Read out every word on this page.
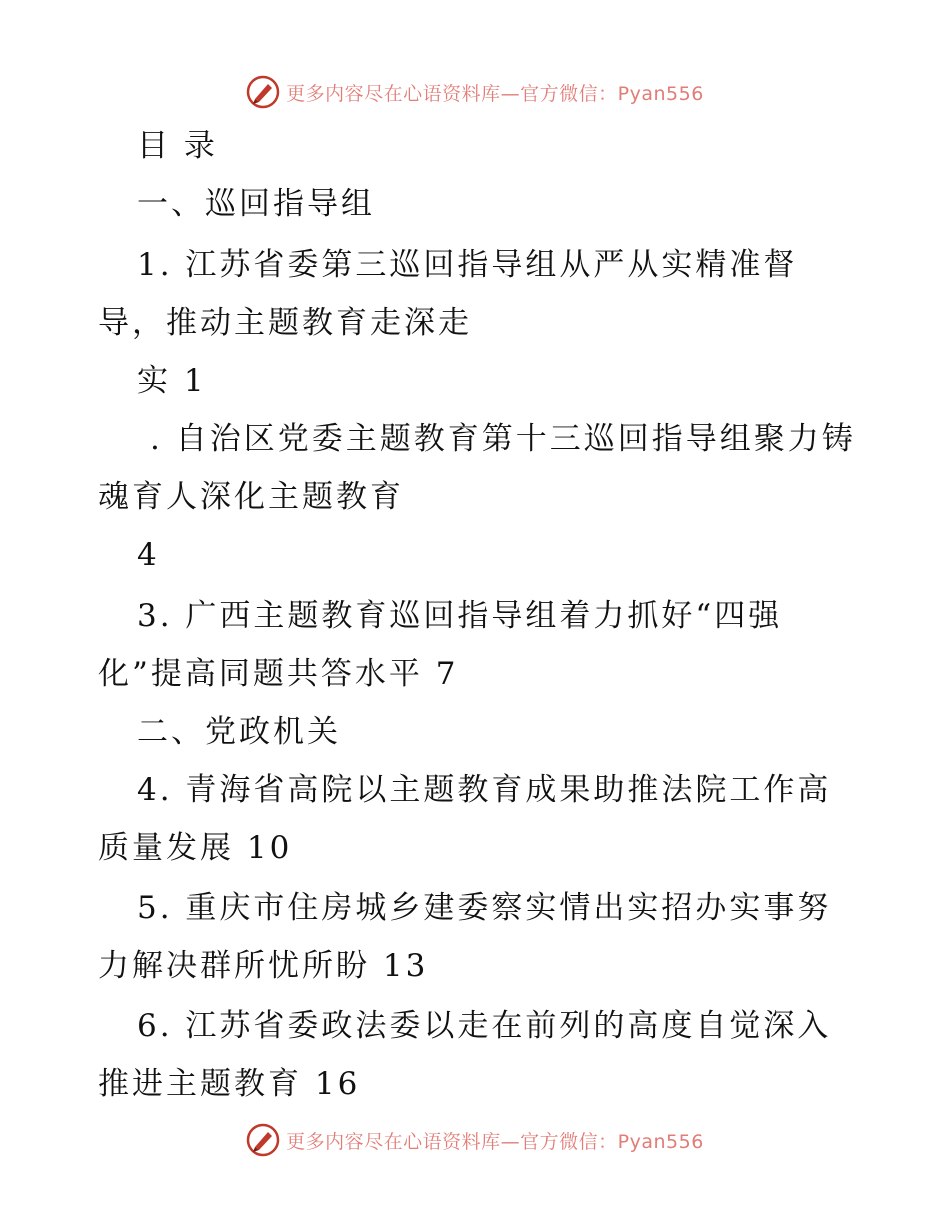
更多内容尽在心语资料库—官方微信：Pyan556
目 录
一、巡回指导组
1. 江苏省委第三巡回指导组从严从实精准督
导，推动主题教育走深走
实 1
. 自治区党委主题教育第十三巡回指导组聚力铸
魂育人深化主题教育
4
3. 广西主题教育巡回指导组着力抓好“四强
化”提高同题共答水平 7
二、党政机关
4. 青海省高院以主题教育成果助推法院工作高
质量发展 10
5. 重庆市住房城乡建委察实情出实招办实事努
力解决群所忧所盼 13
6. 江苏省委政法委以走在前列的高度自觉深入
推进主题教育 16
更多内容尽在心语资料库—官方微信：Pyan556
